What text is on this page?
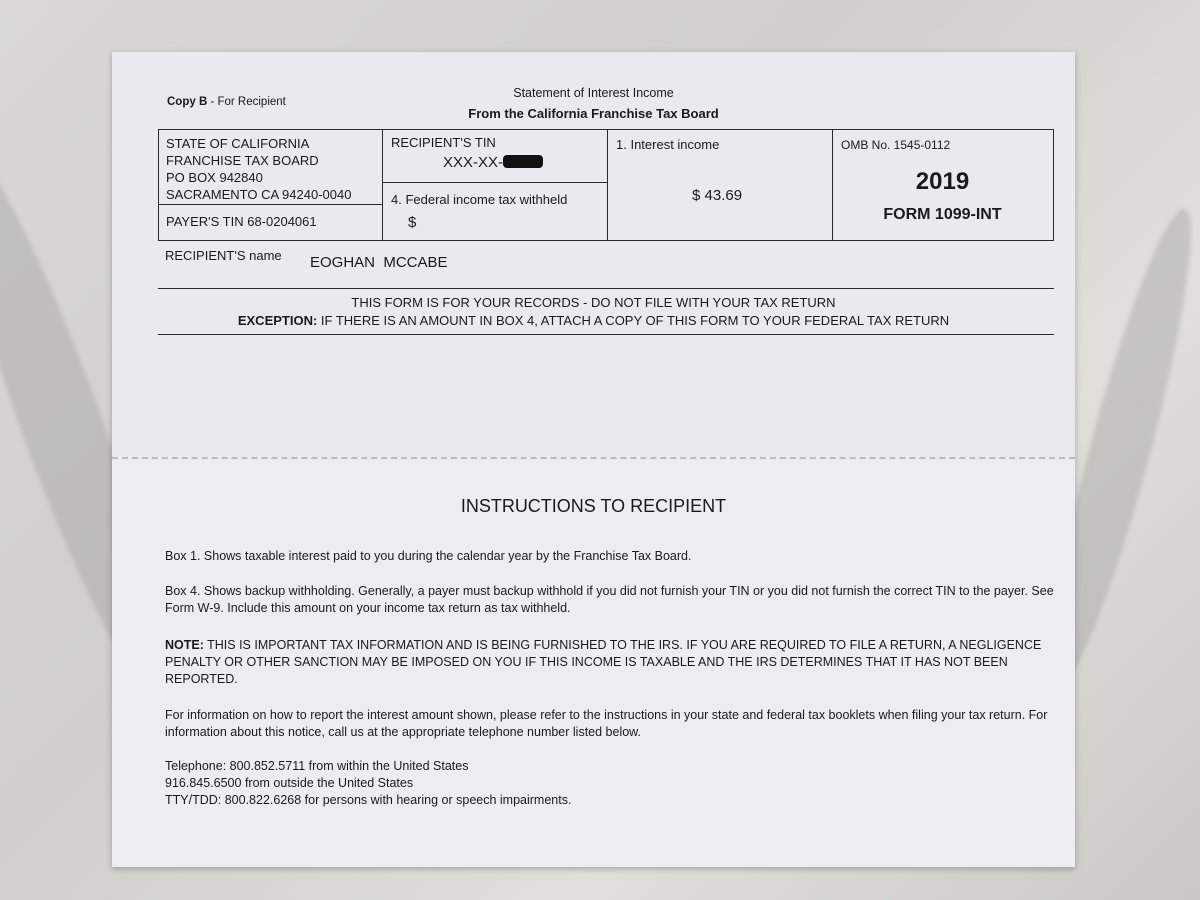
Copy B - For Recipient
Statement of Interest Income
From the California Franchise Tax Board
STATE OF CALIFORNIA
FRANCHISE TAX BOARD
PO BOX 942840
SACRAMENTO CA 94240-0040
PAYER'S TIN 68-0204061
RECIPIENT'S TIN
XXX-XX-
4. Federal income tax withheld
$
1. Interest income
$ 43.69
OMB No. 1545-0112
2019
FORM 1099-INT
RECIPIENT'S name EOGHAN  MCCABE
THIS FORM IS FOR YOUR RECORDS - DO NOT FILE WITH YOUR TAX RETURN
EXCEPTION: IF THERE IS AN AMOUNT IN BOX 4, ATTACH A COPY OF THIS FORM TO YOUR FEDERAL TAX RETURN
INSTRUCTIONS TO RECIPIENT
Box 1. Shows taxable interest paid to you during the calendar year by the Franchise Tax Board.
Box 4. Shows backup withholding. Generally, a payer must backup withhold if you did not furnish your TIN or you did not furnish the correct TIN to the payer. See Form W-9. Include this amount on your income tax return as tax withheld.
NOTE: THIS IS IMPORTANT TAX INFORMATION AND IS BEING FURNISHED TO THE IRS. IF YOU ARE REQUIRED TO FILE A RETURN, A NEGLIGENCE PENALTY OR OTHER SANCTION MAY BE IMPOSED ON YOU IF THIS INCOME IS TAXABLE AND THE IRS DETERMINES THAT IT HAS NOT BEEN REPORTED.
For information on how to report the interest amount shown, please refer to the instructions in your state and federal tax booklets when filing your tax return. For information about this notice, call us at the appropriate telephone number listed below.
Telephone: 800.852.5711 from within the United States
916.845.6500 from outside the United States
TTY/TDD: 800.822.6268 for persons with hearing or speech impairments.
